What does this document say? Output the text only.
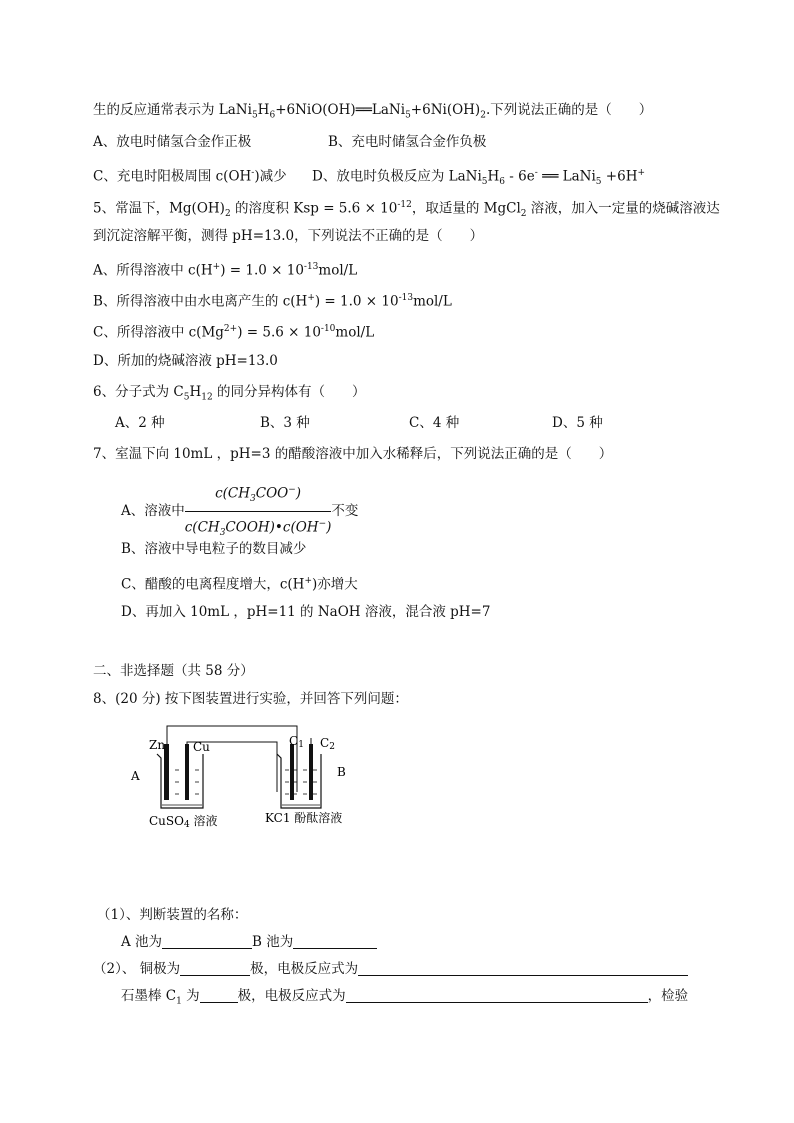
生的反应通常表示为 $LaNi_5H_6+6NiO(OH)══LaNi_5+6Ni(OH)_2$.下列说法正确的是（　　）
A、放电时储氢合金作正极	B、充电时储氢合金作负极
C、充电时阳极周围 c(OH-)减少 D、放电时负极反应为 $LaNi_5H_6 - 6e^-$ ══ LaNi$_5$ +6H+
5、常温下，$Mg(OH)_2$ 的溶度积 Ksp = $5.6 \times 10^{-12}$，取适量的 MgCl$_2$ 溶液，加入一定量的烧碱溶液达
到沉淀溶解平衡，测得 pH=13.0，下列说法不正确的是（　　）
A、所得溶液中 $c(H^+) = 1.0 \times 10^{-13}mol/L$
B、所得溶液中由水电离产生的 $c(H^+) = 1.0 \times 10^{-13}mol/L$
C、所得溶液中 $c(Mg^{2+}) = 5.6 \times 10^{-10}mol/L$
D、所加的烧碱溶液 pH=13.0
6、分子式为 $C_5H_{12}$ 的同分异构体有（　　）
A、2 种	B、3 种	C、4 种	D、5 种
7、室温下向 10mL ，pH=3 的醋酸溶液中加入水稀释后，下列说法正确的是（　　）
A、溶液中 $\frac{c(CH_3COO^-)}{c(CH_3COOH)•c(OH^-)}$ 不变
B、溶液中导电粒子的数目减少
C、醋酸的电离程度增大，c(H+)亦增大
D、再加入 10mL ，pH=11 的 NaOH 溶液，混合液 pH=7
二、非选择题（共 58 分）
8、(20 分) 按下图装置进行实验，并回答下列问题：
Zn Cu	C1 C2
A	B
CuSO4 溶液	KC1 酚酞溶液
（1）、判断装置的名称：
A 池为	B 池为
（2）、 铜极为	极，电极反应式为
石墨棒 $C_1$ 为	极，电极反应式为	，检验
